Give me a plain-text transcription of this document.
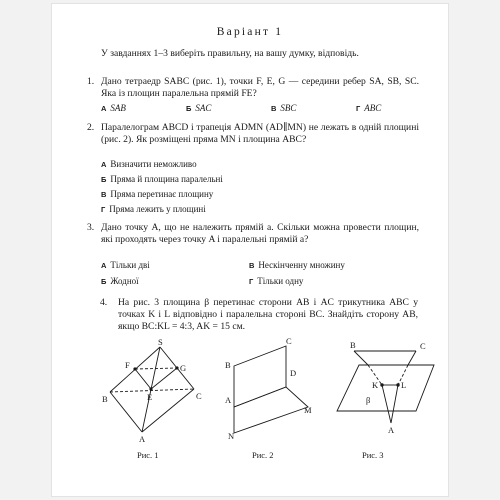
Варіант 1
У завданнях 1–3 виберіть правильну, на вашу думку, відповідь.
1. Дано тетраедр SABC (рис. 1), точки F, E, G — середини ребер SA, SB, SC. Яка із площин паралельна прямій FE?
А SAB	Б SAC	В SBC	Г ABC
2. Паралелограм ABCD і трапеція ADMN (AD∥MN) не лежать в одній площині (рис. 2). Як розміщені пряма MN і площина ABC?
А Визначити неможливо
Б Пряма й площина паралельні
В Пряма перетинає площину
Г Пряма лежить у площині
3. Дано точку A, що не належить прямій a. Скільки можна провести площин, які проходять через точку A і паралельні прямій a?
А Тільки дві	В Нескінченну множину
Б Жодної	Г Тільки одну
4. На рис. 3 площина β перетинає сторони AB і AC трикутника ABC у точках K і L відповідно і паралельна стороні BC. Знайдіть сторону AB, якщо BC:KL = 4:3, AK = 15 см.
S
F	G
E
B	C
A
Рис. 1
C
B
D
A
M
N
Рис. 2
B	C
K	L
β
A
Рис. 3
